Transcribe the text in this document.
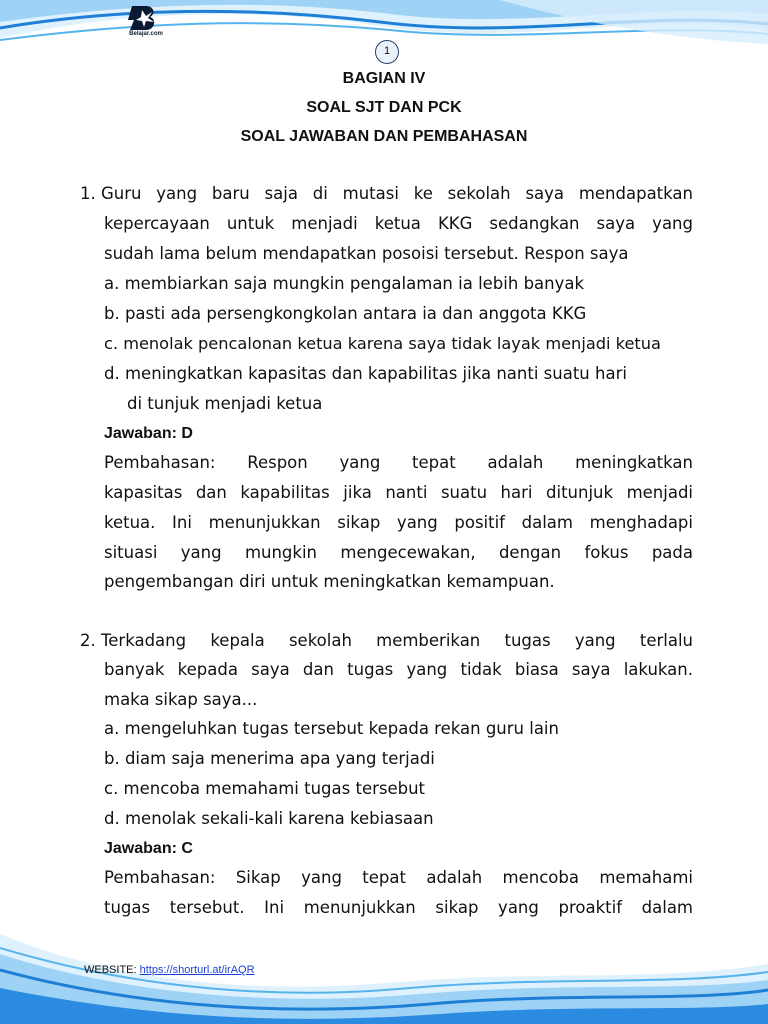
Belajar.com
1
BAGIAN IV
SOAL SJT DAN PCK
SOAL JAWABAN DAN PEMBAHASAN
1. Guru yang baru saja di mutasi ke sekolah saya mendapatkan
kepercayaan untuk menjadi ketua KKG sedangkan saya yang
sudah lama belum mendapatkan posoisi tersebut. Respon saya
a. membiarkan saja mungkin pengalaman ia lebih banyak
b. pasti ada persengkongkolan antara ia dan anggota KKG
c. menolak pencalonan ketua karena saya tidak layak menjadi ketua
d. meningkatkan kapasitas dan kapabilitas jika nanti suatu hari
di tunjuk menjadi ketua
Jawaban: D
Pembahasan: Respon yang tepat adalah meningkatkan
kapasitas dan kapabilitas jika nanti suatu hari ditunjuk menjadi
ketua. Ini menunjukkan sikap yang positif dalam menghadapi
situasi yang mungkin mengecewakan, dengan fokus pada
pengembangan diri untuk meningkatkan kemampuan.
2. Terkadang kepala sekolah memberikan tugas yang terlalu
banyak kepada saya dan tugas yang tidak biasa saya lakukan.
maka sikap saya...
a. mengeluhkan tugas tersebut kepada rekan guru lain
b. diam saja menerima apa yang terjadi
c. mencoba memahami tugas tersebut
d. menolak sekali-kali karena kebiasaan
Jawaban: C
Pembahasan: Sikap yang tepat adalah mencoba memahami
tugas tersebut. Ini menunjukkan sikap yang proaktif dalam
WEBSITE: https://shorturl.at/irAQR
